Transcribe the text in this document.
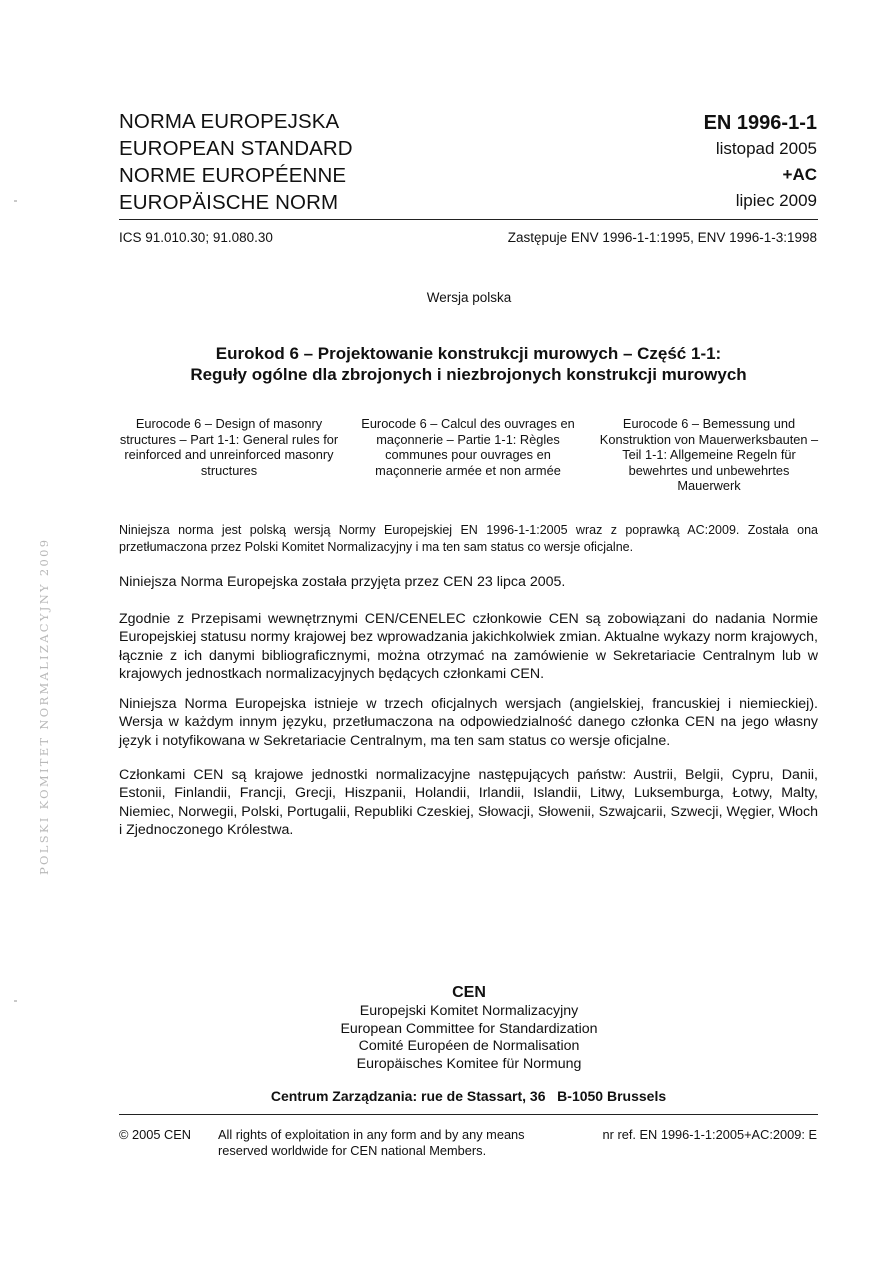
NORMA EUROPEJSKA
EUROPEAN STANDARD
NORME EUROPÉENNE
EUROPÄISCHE NORM
EN 1996-1-1
listopad 2005
+AC
lipiec 2009
ICS 91.010.30; 91.080.30	Zastępuje ENV 1996-1-1:1995, ENV 1996-1-3:1998
Wersja polska
Eurokod 6 – Projektowanie konstrukcji murowych – Część 1-1:
Reguły ogólne dla zbrojonych i niezbrojonych konstrukcji murowych
Eurocode 6 – Design of masonry structures – Part 1-1: General rules for reinforced and unreinforced masonry structures
Eurocode 6 – Calcul des ouvrages en maçonnerie – Partie 1-1: Règles communes pour ouvrages en maçonnerie armée et non armée
Eurocode 6 – Bemessung und Konstruktion von Mauerwerksbauten – Teil 1-1: Allgemeine Regeln für bewehrtes und unbewehrtes Mauerwerk
Niniejsza norma jest polską wersją Normy Europejskiej EN 1996-1-1:2005 wraz z poprawką AC:2009. Została ona przetłumaczona przez Polski Komitet Normalizacyjny i ma ten sam status co wersje oficjalne.
Niniejsza Norma Europejska została przyjęta przez CEN 23 lipca 2005.
Zgodnie z Przepisami wewnętrznymi CEN/CENELEC członkowie CEN są zobowiązani do nadania Normie Europejskiej statusu normy krajowej bez wprowadzania jakichkolwiek zmian. Aktualne wykazy norm krajowych, łącznie z ich danymi bibliograficznymi, można otrzymać na zamówienie w Sekretariacie Centralnym lub w krajowych jednostkach normalizacyjnych będących członkami CEN.
Niniejsza Norma Europejska istnieje w trzech oficjalnych wersjach (angielskiej, francuskiej i niemieckiej). Wersja w każdym innym języku, przetłumaczona na odpowiedzialność danego członka CEN na jego własny język i notyfikowana w Sekretariacie Centralnym, ma ten sam status co wersje oficjalne.
Członkami CEN są krajowe jednostki normalizacyjne następujących państw: Austrii, Belgii, Cypru, Danii, Estonii, Finlandii, Francji, Grecji, Hiszpanii, Holandii, Irlandii, Islandii, Litwy, Luksemburga, Łotwy, Malty, Niemiec, Norwegii, Polski, Portugalii, Republiki Czeskiej, Słowacji, Słowenii, Szwajcarii, Szwecji, Węgier, Włoch i Zjednoczonego Królestwa.
CEN
Europejski Komitet Normalizacyjny
European Committee for Standardization
Comité Européen de Normalisation
Europäisches Komitee für Normung
Centrum Zarządzania: rue de Stassart, 36   B-1050 Brussels
© 2005 CEN All rights of exploitation in any form and by any means reserved worldwide for CEN national Members.
nr ref. EN 1996-1-1:2005+AC:2009: E
POLSKI KOMITET NORMALIZACYJNY 2009
